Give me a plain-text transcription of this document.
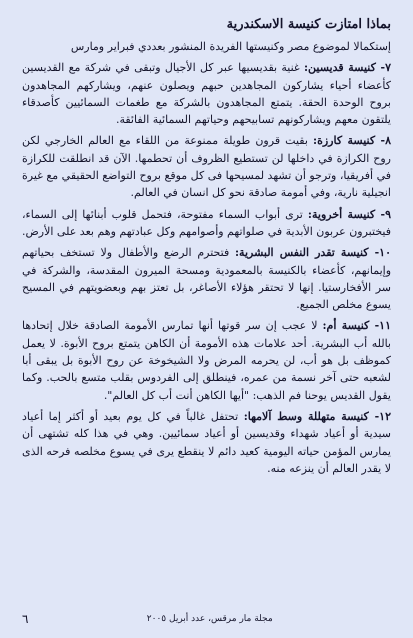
بماذا امتازت كنيسة الاسكندرية

إستكمالا لموضوع مصر وكنيستها الفريدة المنشور بعددي فبراير ومارس

٧- كنيسة قديسين: غنية بقديسيها عبر كل الأجيال وتبقى في شركة مع القديسين كأعضاء أحياء يشاركون المجاهدين حبهم ويصلون عنهم، ويشاركهم المجاهدون بروح الوحدة الحقة. يتمتع المجاهدون بالشركة مع طغمات السمائيين كأصدقاء يلتقون معهم ويشاركونهم تسابيحهم وحياتهم السمائية الفائقة.

٨- كنيسة كارزة: بقيت قرون طويلة ممنوعة من اللقاء مع العالم الخارجي لكن روح الكرازة في داخلها لن تستطيع الظروف أن تحطمها. الآن قد انطلقت للكرازة في أفريقيا، وترجو أن تشهد لمسيحها فى كل موقع بروح التواضع الحقيقي مع غيرة انجيلية نارية، وفي أمومة صادقة نحو كل انسان في العالم.

٩- كنيسة أخروية: ترى أبواب السماء مفتوحة، فتحمل قلوب أبنائها إلى السماء، فيختبرون عربون الأبدية في صلواتهم وأصوامهم وكل عبادتهم وهم بعد على الأرض.

١٠- كنيسة تقدر النفس البشرية: فتحترم الرضع والأطفال ولا تستخف بحياتهم وإيمانهم، كأعضاء بالكنيسة بالمعمودية ومسحة الميرون المقدسة، والشركة في سر الأفخارستيا. إنها لا تحتقر هؤلاء الأصاغر، بل تعتز بهم وبعضويتهم في المسيح يسوع مخلص الجميع.

١١- كنيسة أم: لا عجب إن سر قوتها أنها تمارس الأمومة الصادقة خلال إتحادها بالله أب البشرية. أحد علامات هذه الأمومة أن الكاهن يتمتع بروح الأبوة. لا يعمل كموظف بل هو أب، لن يحرمه المرض ولا الشيخوخة عن روح الأبوة بل يبقى أبا لشعبه حتى آخر نسمة من عمره، فينطلق إلى الفردوس بقلب متسع بالحب. وكما يقول القديس يوحنا فم الذهب: "أيها الكاهن أنت أب كل العالم".

١٢- كنيسة متهللة وسط آلامها: تحتفل غالباً في كل يوم بعيد أو أكثر إما أعياد سيدية أو أعياد شهداء وقديسين أو أعياد سمائيين. وهي في هذا كله تشتهى أن يمارس المؤمن حياته اليومية كعيد دائم لا ينقطع يرى في يسوع مخلصه فرحه الذى لا يقدر العالم أن ينزعه منه.

٦	مجلة مار مرقس، عدد أبريل ٢٠٠٥
